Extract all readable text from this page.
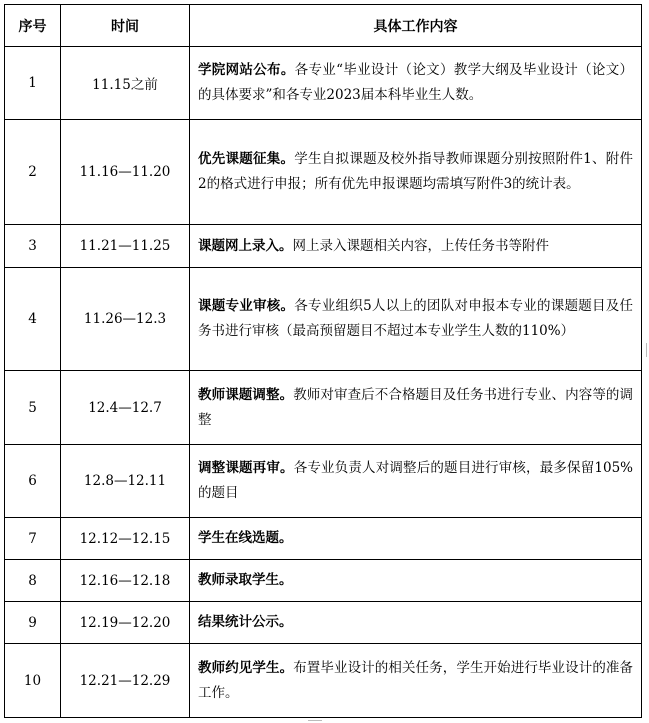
序号	时间	具体工作内容
1	11.15之前	学院网站公布。各专业“毕业设计（论文）教学大纲及毕业设计（论文）的具体要求”和各专业2023届本科毕业生人数。
2	11.16—11.20	优先课题征集。学生自拟课题及校外指导教师课题分别按照附件1、附件2的格式进行申报；所有优先申报课题均需填写附件3的统计表。
3	11.21—11.25	课题网上录入。网上录入课题相关内容，上传任务书等附件
4	11.26—12.3	课题专业审核。各专业组织5人以上的团队对申报本专业的课题题目及任务书进行审核（最高预留题目不超过本专业学生人数的110%）
5	12.4—12.7	教师课题调整。教师对审查后不合格题目及任务书进行专业、内容等的调整
6	12.8—12.11	调整课题再审。各专业负责人对调整后的题目进行审核，最多保留105%的题目
7	12.12—12.15	学生在线选题。
8	12.16—12.18	教师录取学生。
9	12.19—12.20	结果统计公示。
10	12.21—12.29	教师约见学生。布置毕业设计的相关任务，学生开始进行毕业设计的准备工作。
